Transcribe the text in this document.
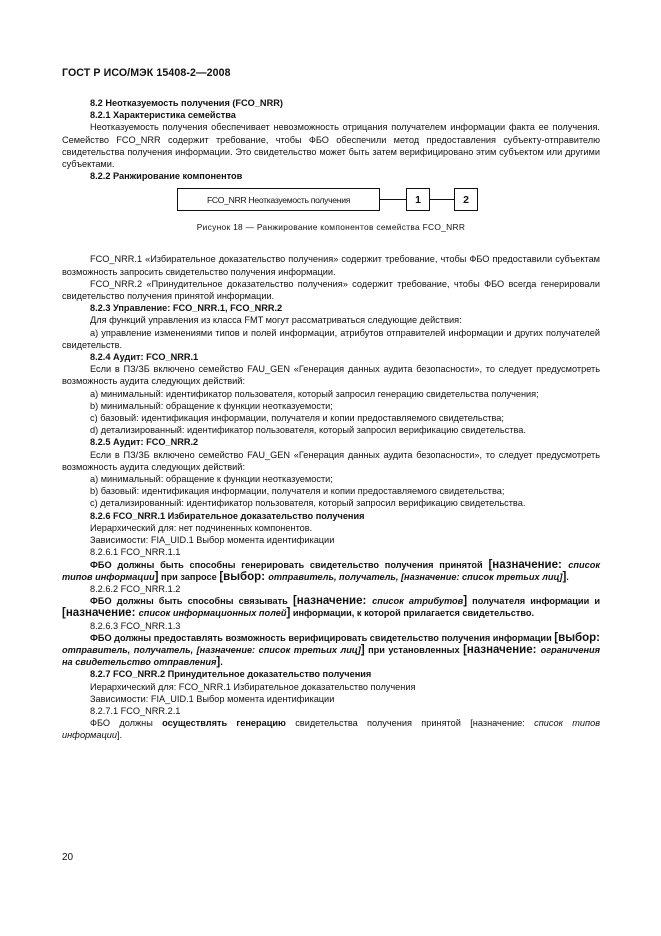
ГОСТ Р ИСО/МЭК 15408-2—2008

8.2 Неотказуемость получения (FCO_NRR)

8.2.1 Характеристика семейства

Неотказуемость получения обеспечивает невозможность отрицания получателем информации факта ее получения. Семейство FCO_NRR содержит требование, чтобы ФБО обеспечили метод предоставления субъекту-отправителю свидетельства получения информации. Это свидетельство может быть затем верифицировано этим субъектом или другими субъектами.

8.2.2 Ранжирование компонентов

FCO_NRR Неотказуемость получения	1	2
Рисунок 18 — Ранжирование компонентов семейства FCO_NRR

FCO_NRR.1 «Избирательное доказательство получения» содержит требование, чтобы ФБО предоставили субъектам возможность запросить свидетельство получения информации.

FCO_NRR.2 «Принудительное доказательство получения» содержит требование, чтобы ФБО всегда генерировали свидетельство получения принятой информации.

8.2.3 Управление: FCO_NRR.1, FCO_NRR.2

Для функций управления из класса FMT могут рассматриваться следующие действия:

а) управление изменениями типов и полей информации, атрибутов отправителей информации и других получателей свидетельств.

8.2.4 Аудит: FCO_NRR.1

Если в ПЗ/ЗБ включено семейство FAU_GEN «Генерация данных аудита безопасности», то следует предусмотреть возможность аудита следующих действий:

а) минимальный: идентификатор пользователя, который запросил генерацию свидетельства получения;

b) минимальный: обращение к функции неотказуемости;

c) базовый: идентификация информации, получателя и копии предоставляемого свидетельства;

d) детализированный: идентификатор пользователя, который запросил верификацию свидетельства.

8.2.5 Аудит: FCO_NRR.2

Если в ПЗ/ЗБ включено семейство FAU_GEN «Генерация данных аудита безопасности», то следует предусмотреть возможность аудита следующих действий:

а) минимальный: обращение к функции неотказуемости;

b) базовый: идентификация информации, получателя и копии предоставляемого свидетельства;

c) детализированный: идентификатор пользователя, который запросил верификацию свидетельства.

8.2.6 FCO_NRR.1 Избирательное доказательство получения

Иерархический для: нет подчиненных компонентов.

Зависимости: FIA_UID.1 Выбор момента идентификации

8.2.6.1 FCO_NRR.1.1

ФБО должны быть способны генерировать свидетельство получения принятой [назначение: список типов информации] при запросе [выбор: отправитель, получатель, [назначение: список третьих лиц]].

8.2.6.2 FCO_NRR.1.2

ФБО должны быть способны связывать [назначение: список атрибутов] получателя информации и [назначение: список информационных полей] информации, к которой прилагается свидетельство.

8.2.6.3 FCO_NRR.1.3

ФБО должны предоставлять возможность верифицировать свидетельство получения информации [выбор: отправитель, получатель, [назначение: список третьих лиц]] при установленных [назначение: ограничения на свидетельство отправления].

8.2.7 FCO_NRR.2 Принудительное доказательство получения

Иерархический для: FCO_NRR.1 Избирательное доказательство получения

Зависимости: FIA_UID.1 Выбор момента идентификации

8.2.7.1 FCO_NRR.2.1

ФБО должны осуществлять генерацию свидетельства получения принятой [назначение: список типов информации].

20
